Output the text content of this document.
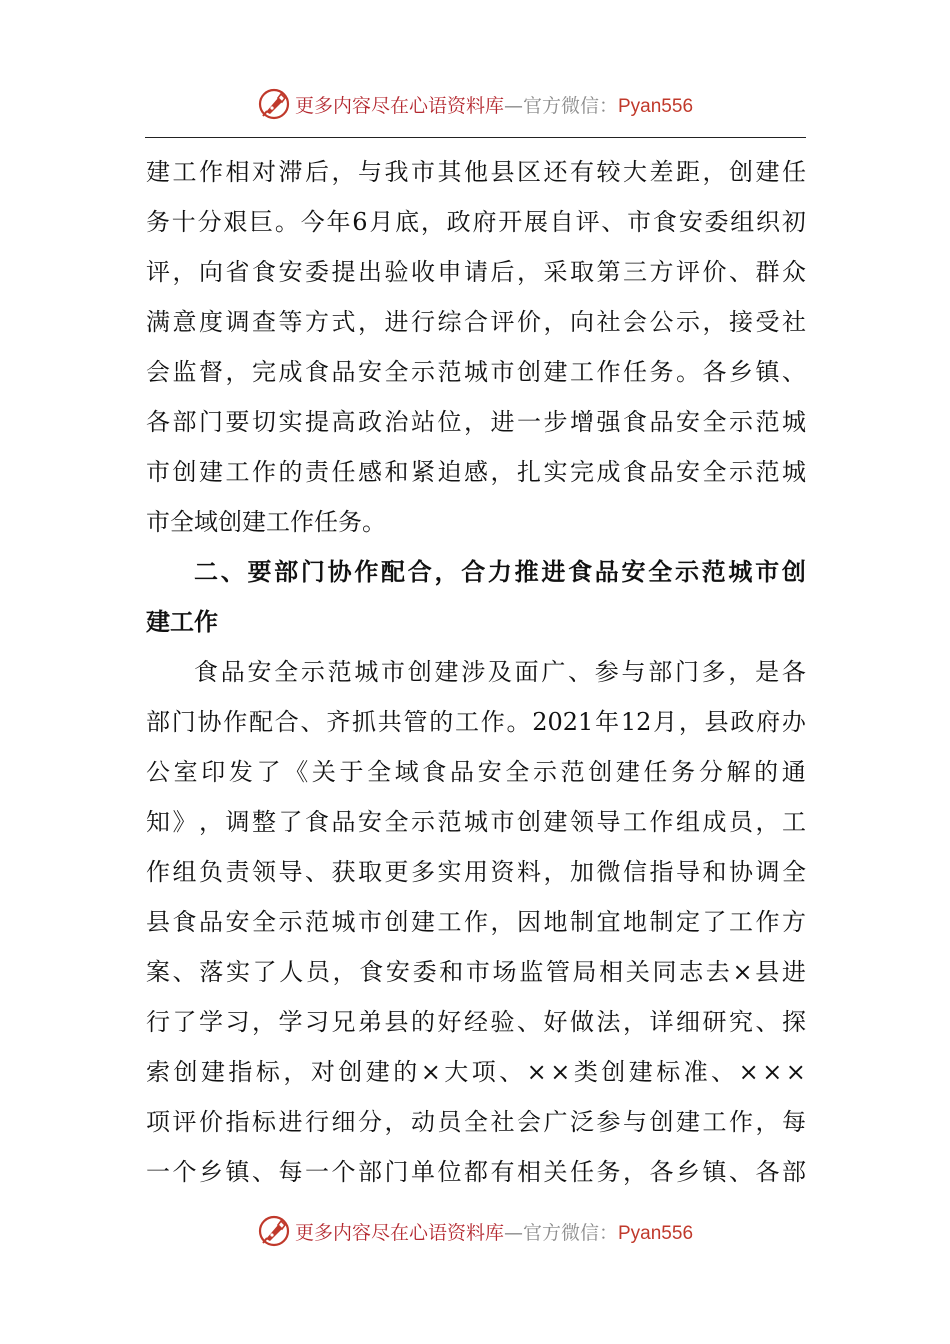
更多内容尽在心语资料库—官方微信：Pyan556
建 工 作 相 对 滞 后 ， 与 我 市 其 他 县 区 还 有 较 大 差 距 ， 创 建 任
务 十 分 艰 巨 。 今 年 6 月 底 ， 政 府 开 展 自 评 、 市 食 安 委 组 织 初
评 ， 向 省 食 安 委 提 出 验 收 申 请 后 ， 采 取 第 三 方 评 价 、 群 众
满 意 度 调 查 等 方 式 ， 进 行 综 合 评 价 ， 向 社 会 公 示 ， 接 受 社
会 监 督 ， 完 成 食 品 安 全 示 范 城 市 创 建 工 作 任 务 。 各 乡 镇 、
各 部 门 要 切 实 提 高 政 治 站 位 ， 进 一 步 增 强 食 品 安 全 示 范 城
市 创 建 工 作 的 责 任 感 和 紧 迫 感 ， 扎 实 完 成 食 品 安 全 示 范 城
市全域创建工作任务。
二 、 要 部 门 协 作 配 合 ， 合 力 推 进 食 品 安 全 示 范 城 市 创
建工作
食 品 安 全 示 范 城 市 创 建 涉 及 面 广 、 参 与 部 门 多 ， 是 各
部 门 协 作 配 合 、 齐 抓 共 管 的 工 作 。 2021 年 12 月 ， 县 政 府 办
公 室 印 发 了 《 关 于 全 域 食 品 安 全 示 范 创 建 任 务 分 解 的 通
知 》 ， 调 整 了 食 品 安 全 示 范 城 市 创 建 领 导 工 作 组 成 员 ， 工
作 组 负 责 领 导 、 获 取 更 多 实 用 资 料 ， 加 微 信 指 导 和 协 调 全
县 食 品 安 全 示 范 城 市 创 建 工 作 ， 因 地 制 宜 地 制 定 了 工 作 方
案 、 落 实 了 人 员 ， 食 安 委 和 市 场 监 管 局 相 关 同 志 去 × 县 进
行 了 学 习 ， 学 习 兄 弟 县 的 好 经 验 、 好 做 法 ， 详 细 研 究 、 探
索 创 建 指 标 ， 对 创 建 的 × 大 项 、 × × 类 创 建 标 准 、 × × ×
项 评 价 指 标 进 行 细 分 ， 动 员 全 社 会 广 泛 参 与 创 建 工 作 ， 每
一 个 乡 镇 、 每 一 个 部 门 单 位 都 有 相 关 任 务 ， 各 乡 镇 、 各 部
更多内容尽在心语资料库—官方微信：Pyan556
